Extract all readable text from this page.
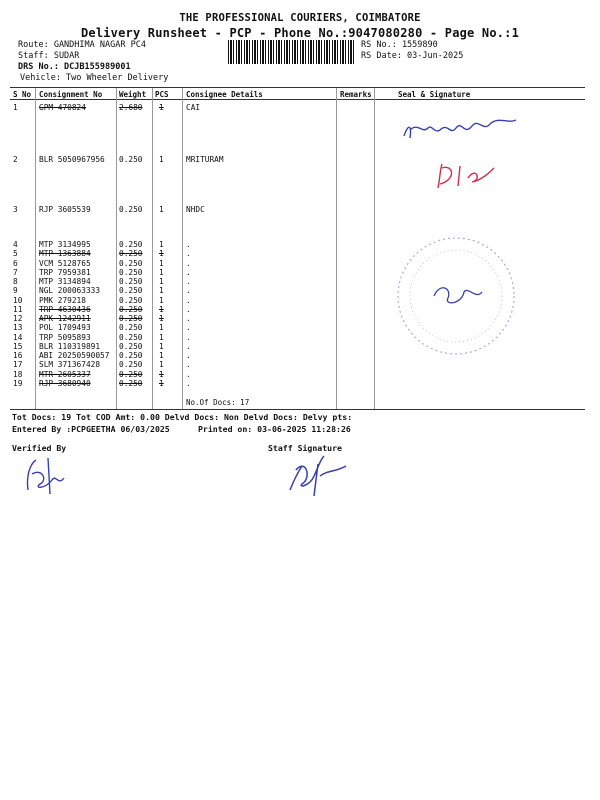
THE PROFESSIONAL COURIERS, COIMBATORE
Delivery Runsheet - PCP - Phone No.:9047080280 - Page No.:1
Route: GANDHIMA NAGAR PC4
Staff: SUDAR
DRS No.: DCJB155989001
Vehicle: Two Wheeler Delivery
RS No.: 1559890
RS Date: 03-Jun-2025
S No Consignment No Weight PCS Consignee Details	Remarks	Seal & Signature
1	GPM 470824	2.680 1	CAI
2	BLR 5050967956 0.250 1	MRITURAM
3	RJP 3605539	0.250 1	NHDC
4	MTP 3134995	0.250 1	.
5	MTP 1363884	0.250 1	.
6	VCM 5128765	0.250 1	.
7	TRP 7959381	0.250 1	.
8	MTP 3134894	0.250 1	.
9	NGL 200063333 0.250 1	.
10 PMK 279218	0.250 1	.
11 TRP 4630436	0.250 1	.
12 APK 1242911	0.250 1	.
13 POL 1709493	0.250 1	.
14 TRP 5095893	0.250 1	.
15 BLR 110319891 0.250 1	.
16 ABI 20250590057 0.250 1	.
17 SLM 371367428 0.250 1	.
18 MTR 2605337	0.250 1	.
19 RJP 3680940	0.250 1	.
No.Of Docs: 17
Tot Docs: 19 Tot COD Amt: 0.00 Delvd Docs: Non Delvd Docs: Delvy pts:
Entered By :PCPGEETHA 06/03/2025	Printed on: 03-06-2025 11:28:26
Verified By	Staff Signature
